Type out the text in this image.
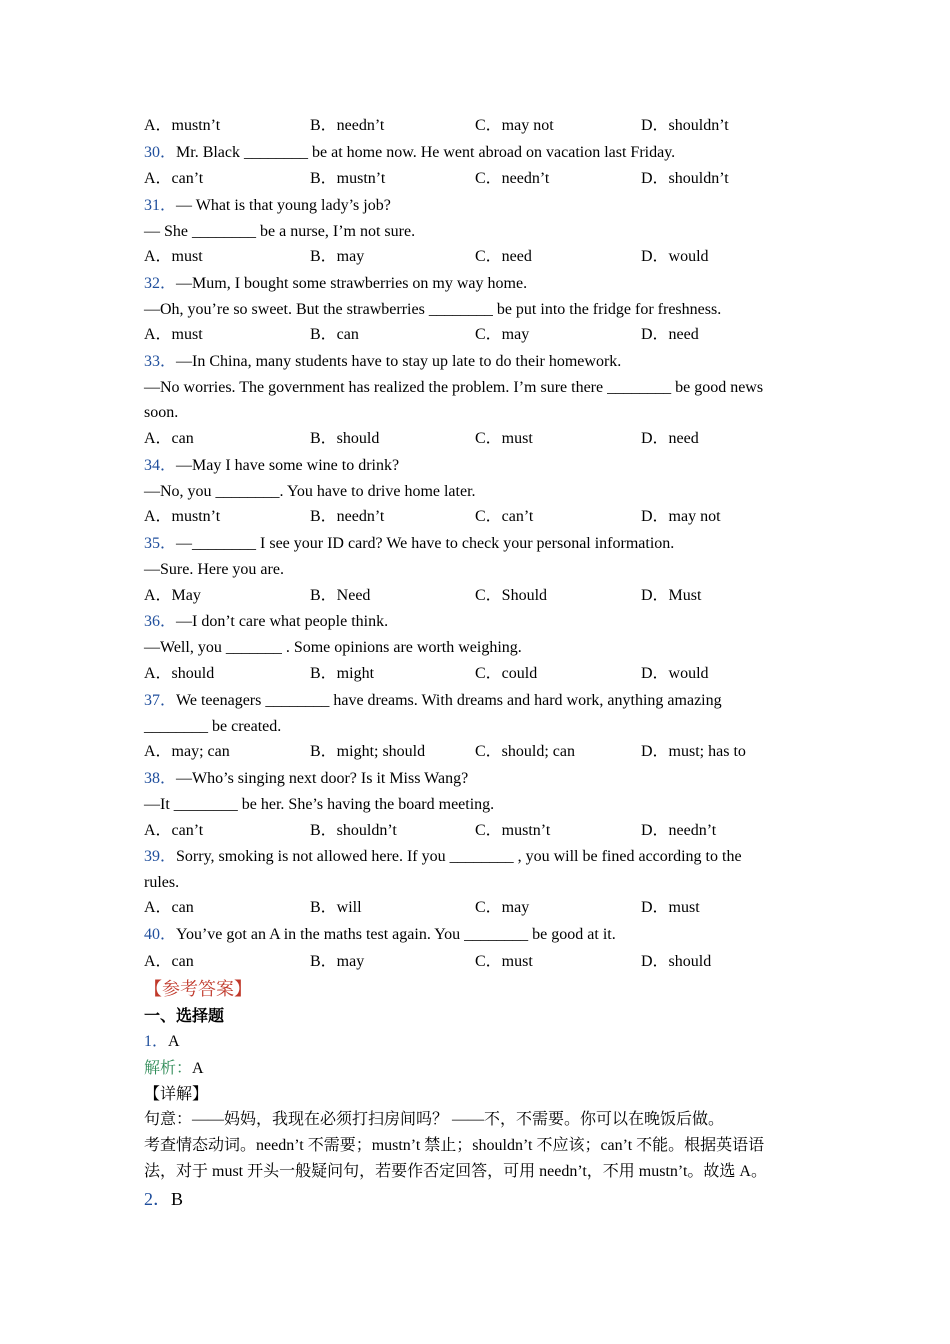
A．mustn’t	B．needn’t	C．may not	D．shouldn’t
30．Mr. Black ________ be at home now. He went abroad on vacation last Friday.
A．can’t	B．mustn’t	C．needn’t	D．shouldn’t
31．— What is that young lady’s job?
— She ________ be a nurse, I’m not sure.
A．must	B．may	C．need	D．would
32．—Mum, I bought some strawberries on my way home.
—Oh, you’re so sweet. But the strawberries ________ be put into the fridge for freshness.
A．must	B．can	C．may	D．need
33．—In China, many students have to stay up late to do their homework.
—No worries. The government has realized the problem. I’m sure there ________ be good news
soon.
A．can	B．should	C．must	D．need
34．—May I have some wine to drink?
—No, you ________. You have to drive home later.
A．mustn’t	B．needn’t	C．can’t	D．may not
35．—________ I see your ID card? We have to check your personal information.
—Sure. Here you are.
A．May	B．Need	C．Should	D．Must
36．—I don’t care what people think.
—Well, you _______ . Some opinions are worth weighing.
A．should	B．might	C．could	D．would
37．We teenagers ________ have dreams. With dreams and hard work, anything amazing
________ be created.
A．may; can	B．might; should	C．should; can	D．must; has to
38．—Who’s singing next door? Is it Miss Wang?
—It ________ be her. She’s having the board meeting.
A．can’t	B．shouldn’t	C．mustn’t	D．needn’t
39．Sorry, smoking is not allowed here. If you ________ , you will be fined according to the
rules.
A．can	B．will	C．may	D．must
40．You’ve got an A in the maths test again. You ________ be good at it.
A．can	B．may	C．must	D．should
【参考答案】
一、选择题
1．A
解析：A
【详解】
句意：——妈妈，我现在必须打扫房间吗？ ——不，不需要。你可以在晚饭后做。
考查情态动词。needn’t 不需要；mustn’t 禁止；shouldn’t 不应该；can’t 不能。根据英语语
法，对于 must 开头一般疑问句，若要作否定回答，可用 needn’t，不用 mustn’t。故选 A。
2．B
